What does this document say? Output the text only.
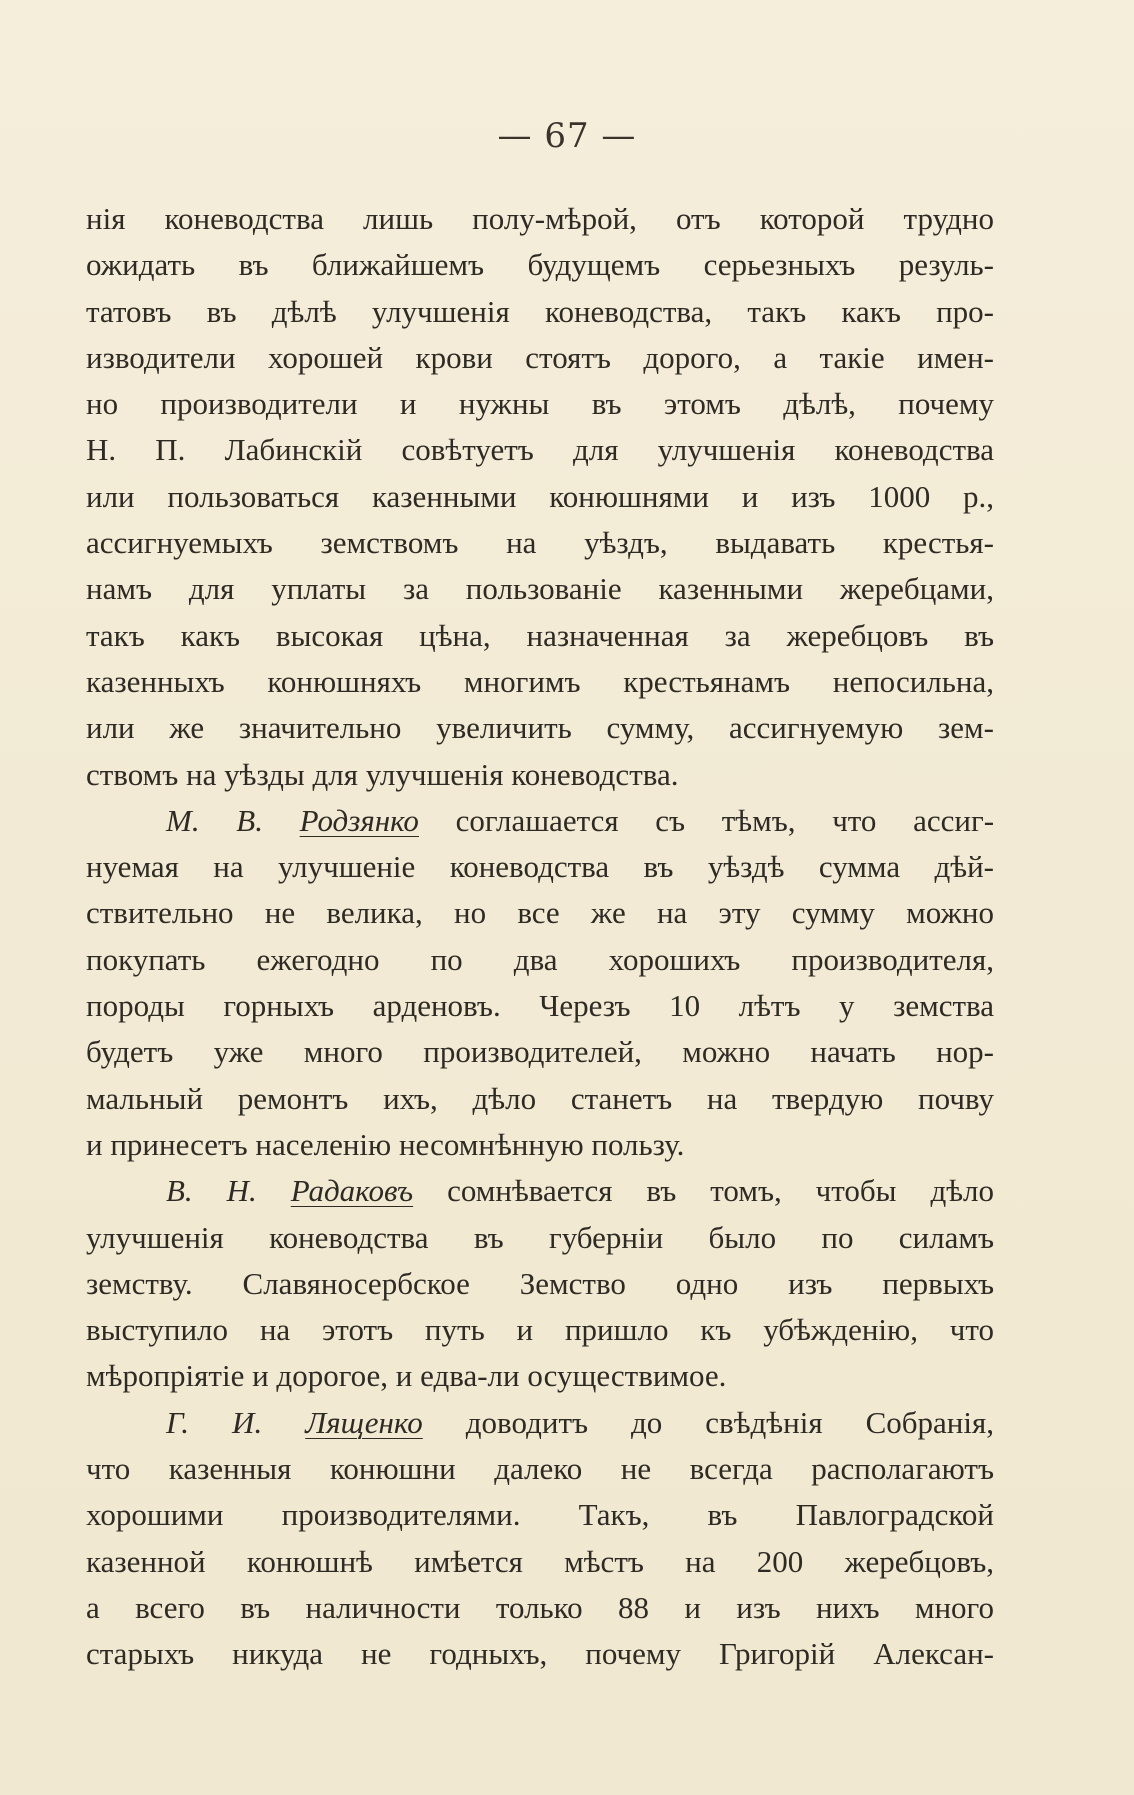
— 67 —
нія коневодства лишь полу-мѣрой, отъ которой трудно
ожидать въ ближайшемъ будущемъ серьезныхъ резуль-
татовъ въ дѣлѣ улучшенія коневодства, такъ какъ про-
изводители хорошей крови стоятъ дорого, а такіе имен-
но производители и нужны въ этомъ дѣлѣ, почему
Н. П. Лабинскій совѣтуетъ для улучшенія коневодства
или пользоваться казенными конюшнями и изъ 1000 р.,
ассигнуемыхъ земствомъ на уѣздъ, выдавать крестья-
намъ для уплаты за пользованіе казенными жеребцами,
такъ какъ высокая цѣна, назначенная за жеребцовъ въ
казенныхъ конюшняхъ многимъ крестьянамъ непосильна,
или же значительно увеличить сумму, ассигнуемую зем-
ствомъ на уѣзды для улучшенія коневодства.
М. В. Родзянко соглашается съ тѣмъ, что ассиг-
нуемая на улучшеніе коневодства въ уѣздѣ сумма дѣй-
ствительно не велика, но все же на эту сумму можно
покупать ежегодно по два хорошихъ производителя,
породы горныхъ арденовъ. Черезъ 10 лѣтъ у земства
будетъ уже много производителей, можно начать нор-
мальный ремонтъ ихъ, дѣло станетъ на твердую почву
и принесетъ населенію несомнѣнную пользу.
В. Н. Радаковъ сомнѣвается въ томъ, чтобы дѣло
улучшенія коневодства въ губерніи было по силамъ
земству. Славяносербское Земство одно изъ первыхъ
выступило на этотъ путь и пришло къ убѣжденію, что
мѣропріятіе и дорогое, и едва-ли осуществимое.
Г. И. Лященко доводитъ до свѣдѣнія Собранія,
что казенныя конюшни далеко не всегда располагаютъ
хорошими производителями. Такъ, въ Павлоградской
казенной конюшнѣ имѣется мѣстъ на 200 жеребцовъ,
а всего въ наличности только 88 и изъ нихъ много
старыхъ никуда не годныхъ, почему Григорій Алексан-
